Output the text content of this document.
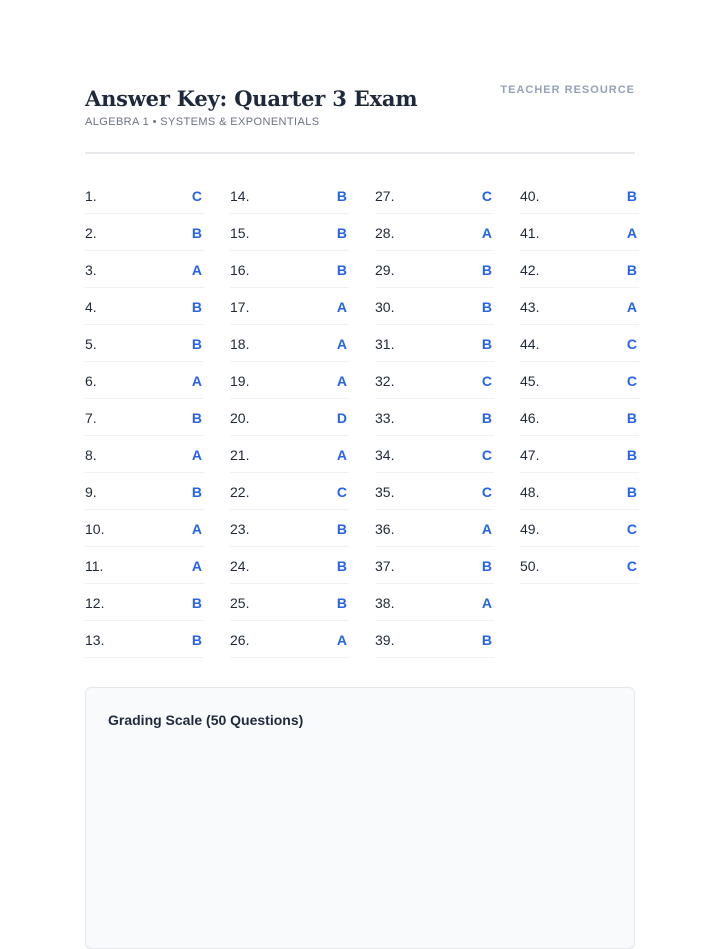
Answer Key: Quarter 3 Exam
ALGEBRA 1 • SYSTEMS & EXPONENTIALS
TEACHER RESOURCE
1.	C
2.	B
3.	A
4.	B
5.	B
6.	A
7.	B
8.	A
9.	B
10.	A
11.	A
12.	B
13.	B
14.	B
15.	B
16.	B
17.	A
18.	A
19.	A
20.	D
21.	A
22.	C
23.	B
24.	B
25.	B
26.	A
27.	C
28.	A
29.	B
30.	B
31.	B
32.	C
33.	B
34.	C
35.	C
36.	A
37.	B
38.	A
39.	B
40.	B
41.	A
42.	B
43.	A
44.	C
45.	C
46.	B
47.	B
48.	B
49.	C
50.	C
Grading Scale (50 Questions)
